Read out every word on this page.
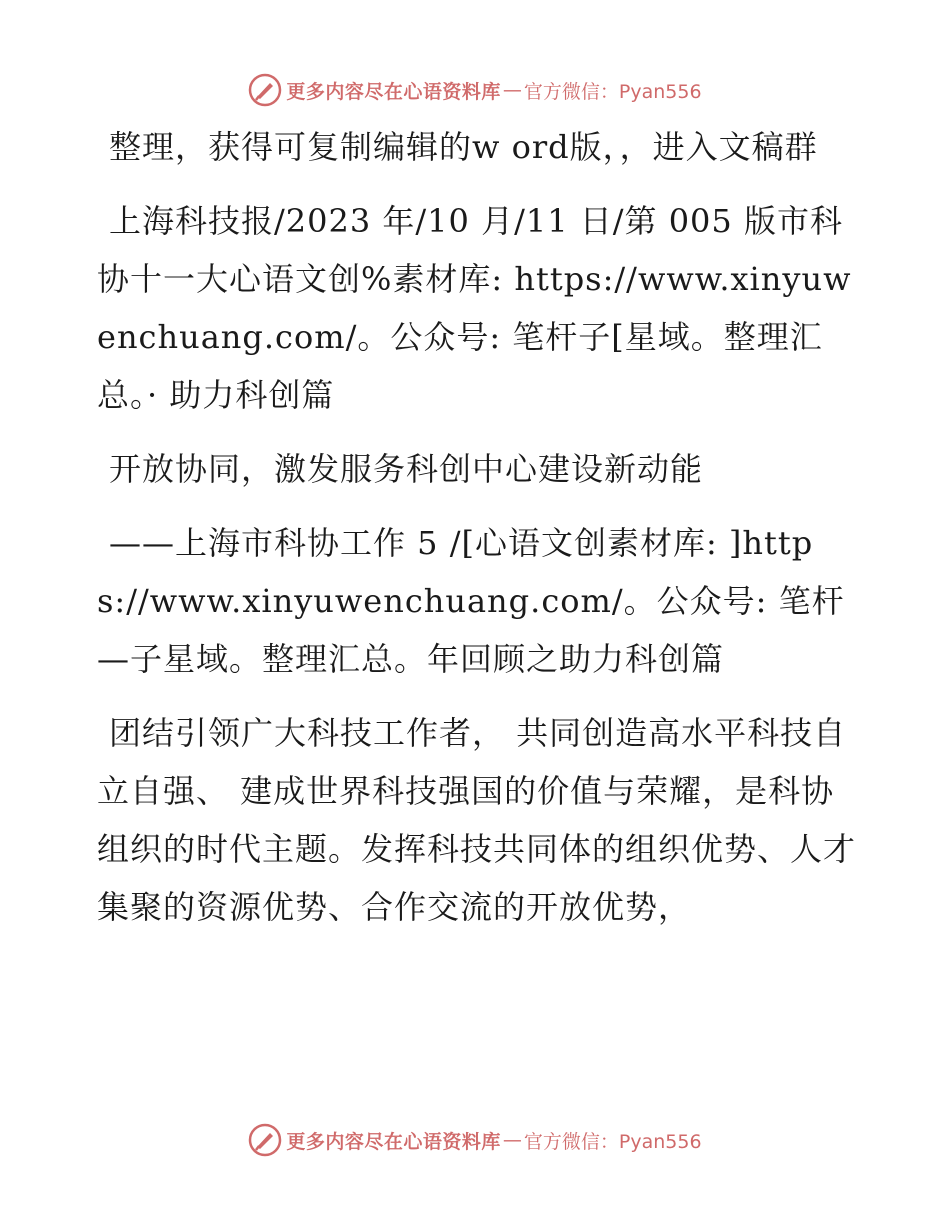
更多内容尽在心语资料库 — 官方微信：Pyan556

整理，获得可复制编辑的w ord版，，进入文稿群

上海科技报/2023 年/10 月/11 日/第 005 版市科协十一大心语文创%素材库: https://www.xinyuwenchuang.com/。公众号: 笔杆子[星域。整理汇总。· 助力科创篇

开放协同，激发服务科创中心建设新动能

——上海市科协工作 5 /[心语文创素材库: ]https://www.xinyuwenchuang.com/。公众号: 笔杆—子星域。整理汇总。年回顾之助力科创篇

团结引领广大科技工作者， 共同创造高水平科技自立自强、 建成世界科技强国的价值与荣耀，是科协组织的时代主题。发挥科技共同体的组织优势、人才集聚的资源优势、合作交流的开放优势，

更多内容尽在心语资料库 — 官方微信：Pyan556
